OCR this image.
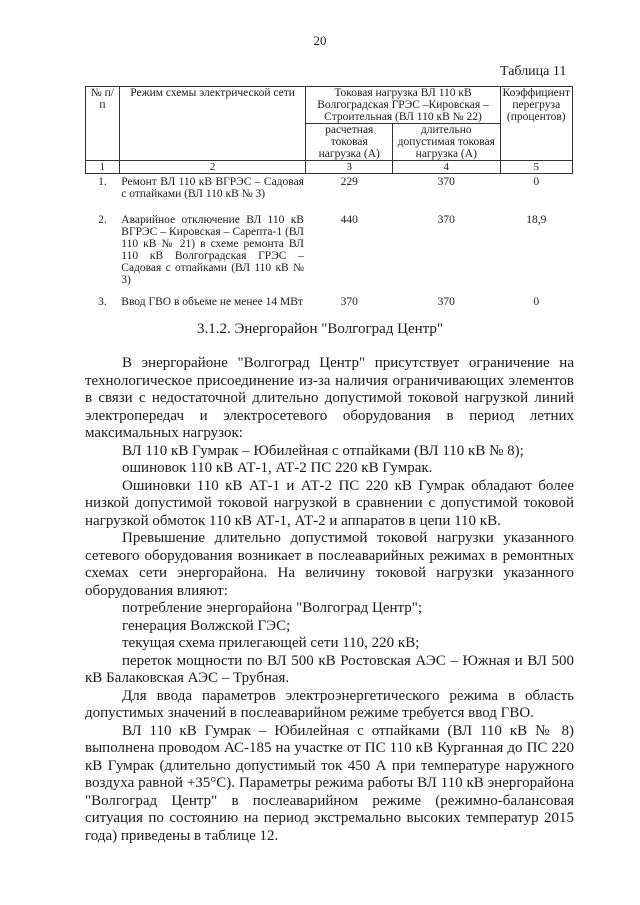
20
Таблица 11
№ п/п	Режим схемы электрической сети	Токовая нагрузка ВЛ 110 кВ Волгоградская ГРЭС –Кировская – Строительная (ВЛ 110 кВ № 22)		Коэффициент перегруза (процентов)
		расчетная токовая нагрузка (А)	длительно допустимая токовая нагрузка (А)	
1	2	3	4	5
1.	Ремонт ВЛ 110 кВ ВГРЭС – Садовая с отпайками (ВЛ 110 кВ № 3)	229	370	0
2.	Аварийное отключение ВЛ 110 кВ ВГРЭС – Кировская – Сарепта-1 (ВЛ 110 кВ № 21) в схеме ремонта ВЛ 110 кВ Волгоградская ГРЭС – Садовая с отпайками (ВЛ 110 кВ № 3)	440	370	18,9
3.	Ввод ГВО в объеме не менее 14 МВт	370	370	0
3.1.2. Энергорайон "Волгоград Центр"

В энергорайоне "Волгоград Центр" присутствует ограничение на технологическое присоединение из-за наличия ограничивающих элементов в связи с недостаточной длительно допустимой токовой нагрузкой линий электропередач и электросетевого оборудования в период летних максимальных нагрузок:

ВЛ 110 кВ Гумрак – Юбилейная с отпайками (ВЛ 110 кВ № 8);

ошиновок 110 кВ АТ-1, АТ-2 ПС 220 кВ Гумрак.

Ошиновки 110 кВ АТ-1 и АТ-2 ПС 220 кВ Гумрак обладают более низкой допустимой токовой нагрузкой в сравнении с допустимой токовой нагрузкой обмоток 110 кВ АТ-1, АТ-2 и аппаратов в цепи 110 кВ.

Превышение длительно допустимой токовой нагрузки указанного сетевого оборудования возникает в послеаварийных режимах в ремонтных схемах сети энергорайона. На величину токовой нагрузки указанного оборудования влияют:

потребление энергорайона "Волгоград Центр";

генерация Волжской ГЭС;

текущая схема прилегающей сети 110, 220 кВ;

переток мощности по ВЛ 500 кВ Ростовская АЭС – Южная и ВЛ 500 кВ Балаковская АЭС – Трубная.

Для ввода параметров электроэнергетического режима в область допустимых значений в послеаварийном режиме требуется ввод ГВО.

ВЛ 110 кВ Гумрак – Юбилейная с отпайками (ВЛ 110 кВ № 8) выполнена проводом АС-185 на участке от ПС 110 кВ Курганная до ПС 220 кВ Гумрак (длительно допустимый ток 450 А при температуре наружного воздуха равной +35°С). Параметры режима работы ВЛ 110 кВ энергорайона "Волгоград Центр" в послеаварийном режиме (режимно-балансовая ситуация по состоянию на период экстремально высоких температур 2015 года) приведены в таблице 12.
